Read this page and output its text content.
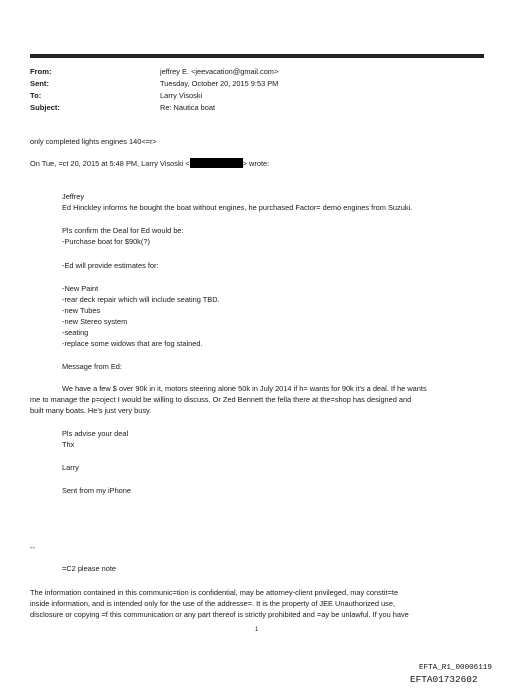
From:	jeffrey E. <jeevacation@gmail.com>
Sent:	Tuesday, October 20, 2015 9:53 PM
To:	Larry Visoski
Subject:	Re: Nautica boat
only completed lights engines 140<=r>
On Tue, =ct 20, 2015 at 5:48 PM, Larry Visoski <	> wrote:
Jeffrey
Ed Hinckley informs he bought the boat without engines, he purchased Factor= demo engines from Suzuki.
Pls confirm the Deal for Ed would be:
-Purchase boat for $90k(?)
-Ed will provide estimates for:
-New Paint
-rear deck repair which will include seating TBD.
-new Tubes
-new Stereo system
-seating
-replace some widows that are fog stained.
Message from Ed:
We have a few $ over 90k in it, motors steering alone 50k in July 2014 if h= wants for 90k it's a deal. If he wants
me to manage the p=oject I would be willing to discuss. Or Zed Bennett the fella there at the=shop has designed and
built many boats. He's just very busy.
Pls advise your deal
Thx
Larry
Sent from my iPhone
--
=C2 please note
The information contained in this communic=tion is confidential, may be attorney-client privileged, may constit=te
inside information, and is intended only for the use of the addresse=. It is the property of JEE Unauthorized use,
disclosure or copying =f this communication or any part thereof is strictly prohibited and =ay be unlawful. If you have
1
EFTA_R1_00006119
EFTA01732602
